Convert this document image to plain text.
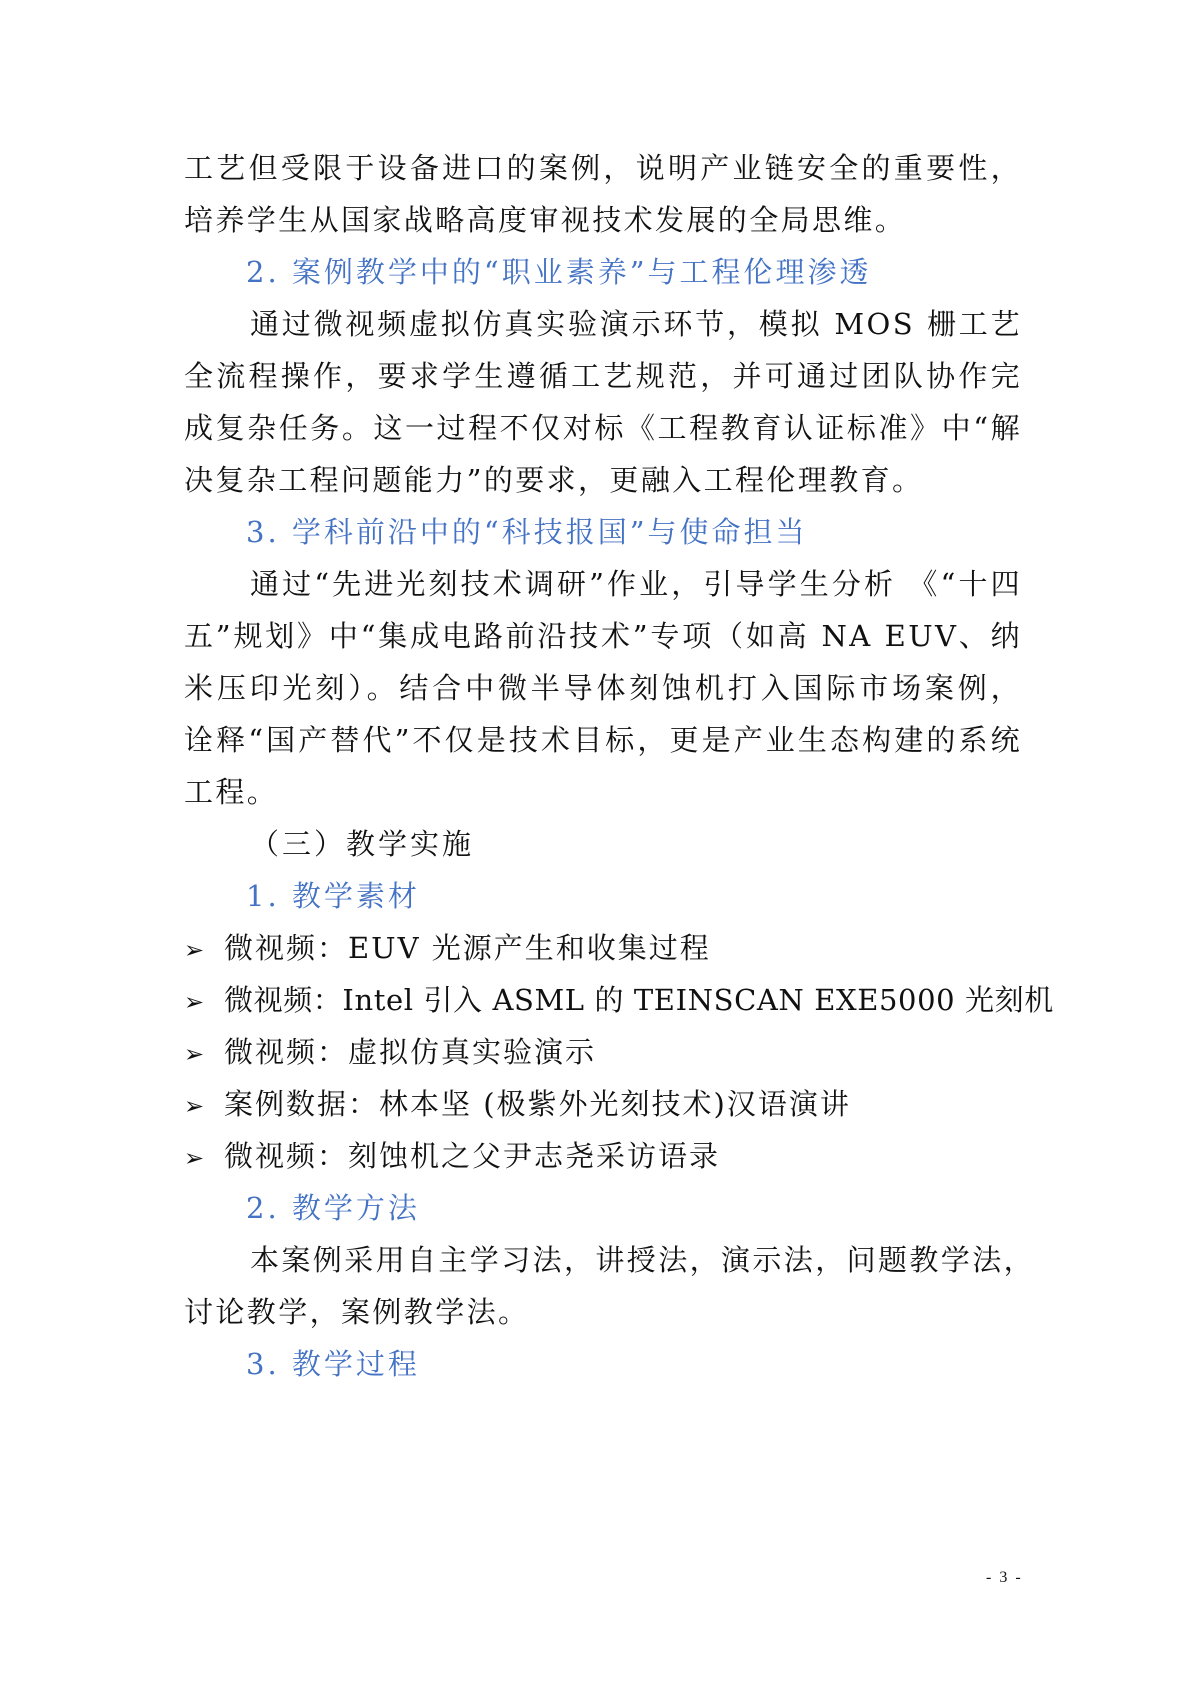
工艺但受限于设备进口的案例，说明产业链安全的重要性，
培养学生从国家战略高度审视技术发展的全局思维。
2. 案例教学中的“职业素养”与工程伦理渗透
通过微视频虚拟仿真实验演示环节，模拟 MOS 栅工艺
全流程操作，要求学生遵循工艺规范，并可通过团队协作完
成复杂任务。这一过程不仅对标《工程教育认证标准》中“解
决复杂工程问题能力”的要求，更融入工程伦理教育。
3. 学科前沿中的“科技报国”与使命担当
通过“先进光刻技术调研”作业，引导学生分析 《“十四
五”规划》中“集成电路前沿技术”专项（如高 NA EUV、纳
米压印光刻）。结合中微半导体刻蚀机打入国际市场案例，
诠释“国产替代”不仅是技术目标，更是产业生态构建的系统
工程。
（三）教学实施
1. 教学素材
➢ 微视频：EUV 光源产生和收集过程
➢ 微视频：Intel 引入 ASML 的 TEINSCAN EXE5000 光刻机
➢ 微视频：虚拟仿真实验演示
➢ 案例数据：林本坚 (极紫外光刻技术)汉语演讲
➢ 微视频：刻蚀机之父尹志尧采访语录
2. 教学方法
本案例采用自主学习法，讲授法，演示法，问题教学法，
讨论教学，案例教学法。
3. 教学过程
- 3 -
